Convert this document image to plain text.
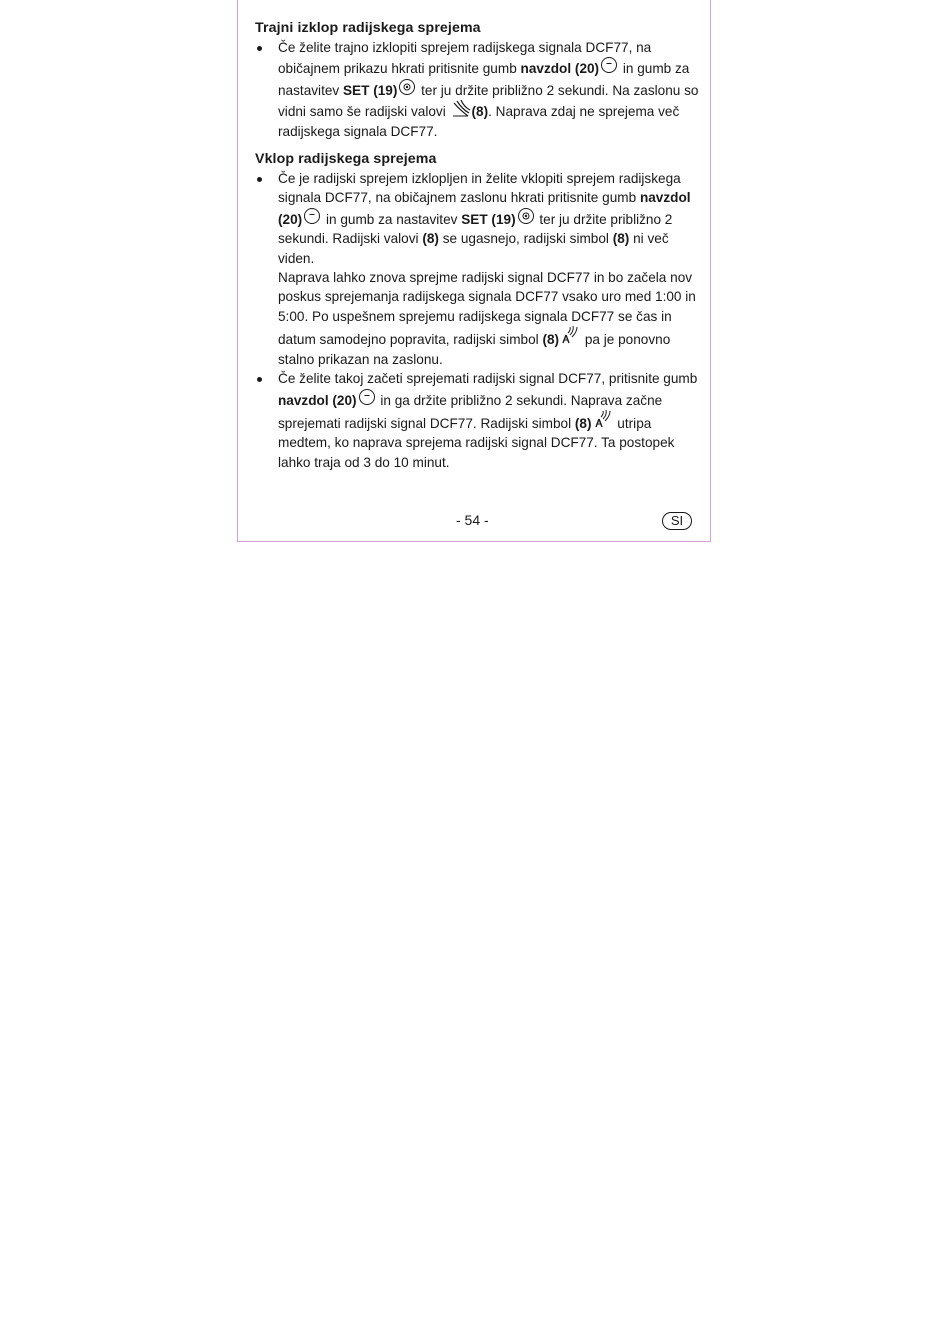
Trajni izklop radijskega sprejema
Če želite trajno izklopiti sprejem radijskega signala DCF77, na običajnem prikazu hkrati pritisnite gumb navzdol (20)
in gumb za nastavitev SET (19)
ter ju držite približno 2 sekundi. Na zaslonu so vidni samo še radijski valovi
(8). Naprava zdaj ne sprejema več radijskega signala DCF77.
Vklop radijskega sprejema

Če je radijski sprejem izklopljen in želite vklopiti sprejem radijskega signala DCF77, na običajnem zaslonu hkrati pritisnite gumb navzdol (20)
in gumb za nastavitev SET (19)
ter ju držite približno 2 sekundi. Radijski valovi (8) se ugasnejo, radijski simbol (8) ni več viden.

Naprava lahko znova sprejme radijski signal DCF77 in bo začela nov poskus sprejemanja radijskega signala DCF77 vsako uro med 1:00 in 5:00. Po uspešnem sprejemu radijskega signala DCF77 se čas in datum samodejno popravita, radijski simbol (8)
pa je ponovno stalno prikazan na zaslonu.

Če želite takoj začeti sprejemati radijski signal DCF77, pritisnite gumb navzdol (20)
in ga držite približno 2 sekundi. Naprava začne sprejemati radijski signal DCF77. Radijski simbol (8)
utripa medtem, ko naprava sprejema radijski signal DCF77. Ta postopek lahko traja od 3 do 10 minut.
- 54 -	SI
